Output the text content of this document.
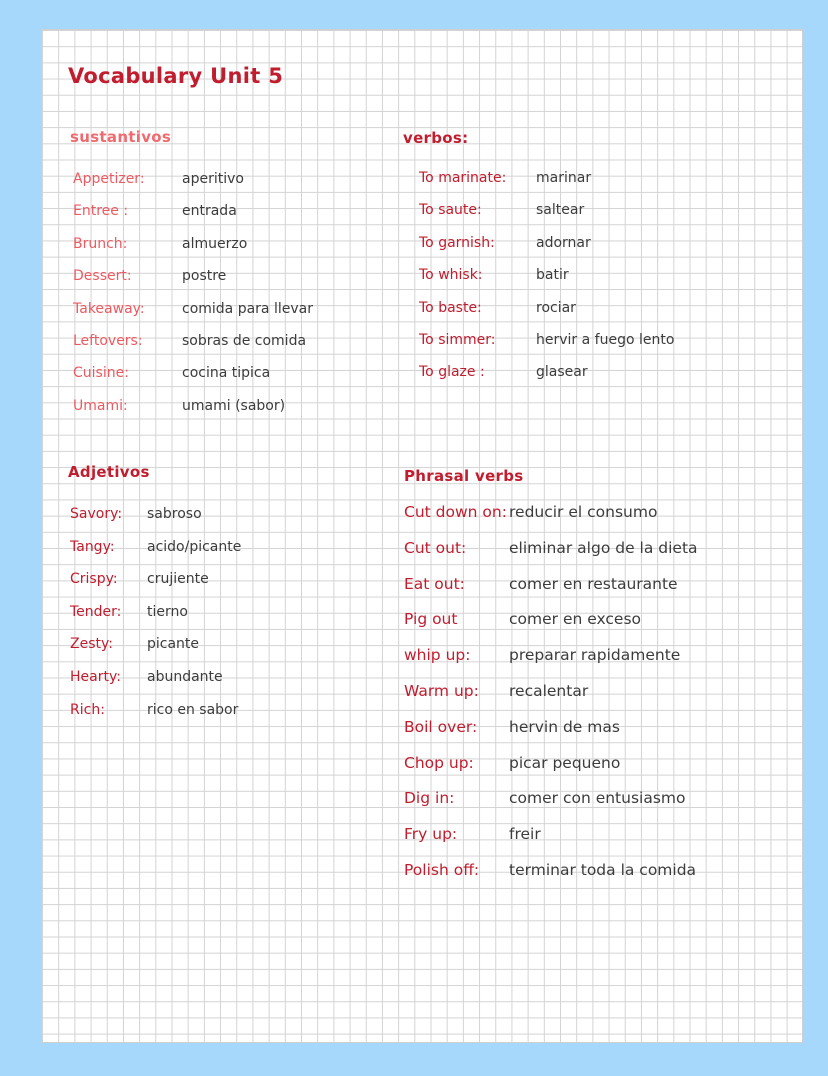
Vocabulary Unit 5
sustantivos	verbos:
Adjetivos	Phrasal verbs
Appetizer:	aperitivo
Entree :	entrada
Brunch:	almuerzo
Dessert:	postre
Takeaway:	comida para llevar
Leftovers:	sobras de comida
Cuisine:	cocina tipica
Umami:	umami (sabor)
To marinate: marinar
To saute:	saltear
To garnish:	adornar
To whisk:	batir
To baste:	rociar
To simmer:	hervir a fuego lento
To glaze :	glasear
Savory: sabroso
Tangy: acido/picante
Crispy: crujiente
Tender: tierno
Zesty: picante
Hearty: abundante
Rich:	rico en sabor
Cut down on: reducir el consumo
Cut out:	eliminar algo de la dieta
Eat out:	comer en restaurante
Pig out	comer en exceso
whip up: preparar rapidamente
Warm up: recalentar
Boil over: hervin de mas
Chop up: picar pequeno
Dig in:	comer con entusiasmo
Fry up:	freir
Polish off: terminar toda la comida
